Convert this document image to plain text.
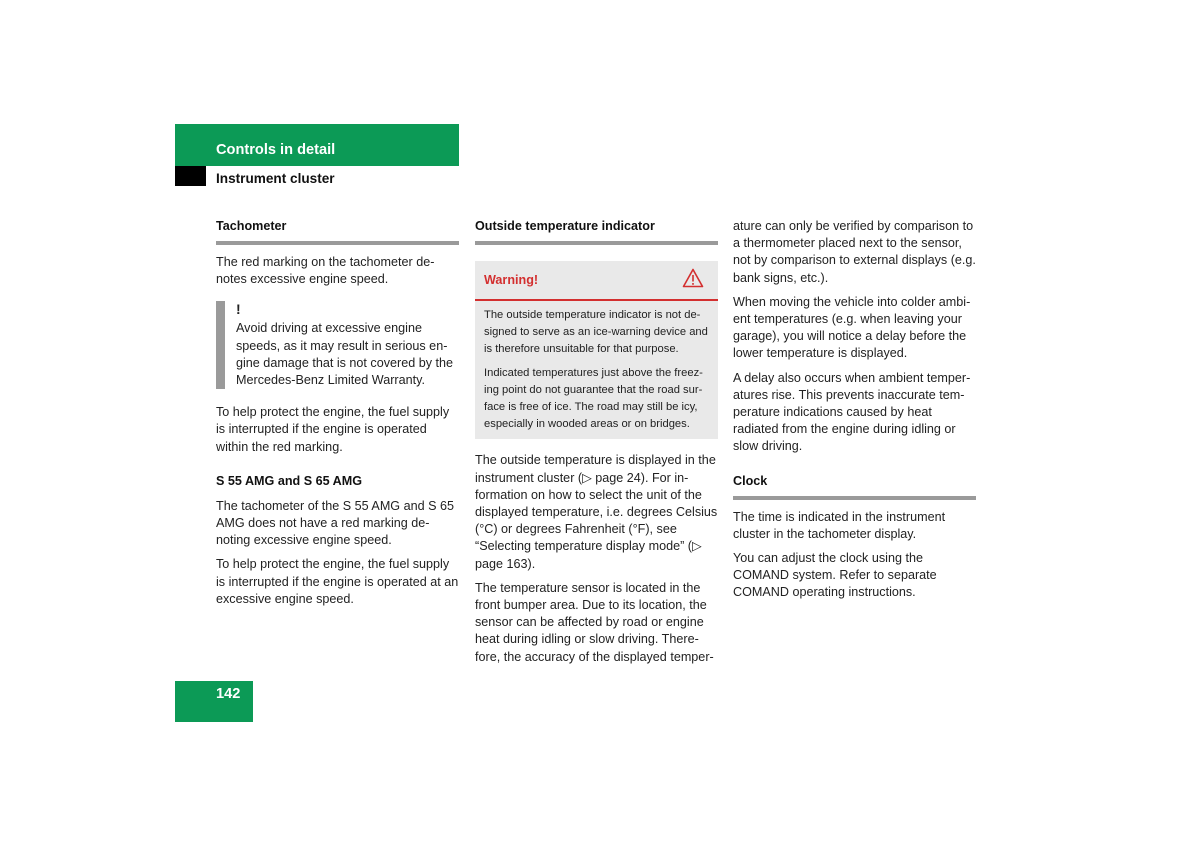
Controls in detail
Instrument cluster
Tachometer

The red marking on the tachometer de-notes excessive engine speed.

!

Avoid driving at excessive engine speeds, as it may result in serious en-gine damage that is not covered by the Mercedes-Benz Limited Warranty.

To help protect the engine, the fuel supply is interrupted if the engine is operated within the red marking.

S 55 AMG and S 65 AMG

The tachometer of the S 55 AMG and S 65 AMG does not have a red marking de-noting excessive engine speed.

To help protect the engine, the fuel supply is interrupted if the engine is operated at an excessive engine speed.

Outside temperature indicator
Warning!

The outside temperature indicator is not de-signed to serve as an ice-warning device and is therefore unsuitable for that purpose.

Indicated temperatures just above the freez-ing point do not guarantee that the road sur-face is free of ice. The road may still be icy, especially in wooded areas or on bridges.

The outside temperature is displayed in the instrument cluster (▷ page 24). For in-formation on how to select the unit of the displayed temperature, i.e. degrees Celsius (°C) or degrees Fahrenheit (°F), see “Selecting temperature display mode” (▷ page 163).

The temperature sensor is located in the front bumper area. Due to its location, the sensor can be affected by road or engine heat during idling or slow driving. There-fore, the accuracy of the displayed temper-

ature can only be verified by comparison to a thermometer placed next to the sensor, not by comparison to external displays (e.g. bank signs, etc.).

When moving the vehicle into colder ambi-ent temperatures (e.g. when leaving your garage), you will notice a delay before the lower temperature is displayed.

A delay also occurs when ambient temper-atures rise. This prevents inaccurate tem-perature indications caused by heat radiated from the engine during idling or slow driving.

Clock

The time is indicated in the instrument cluster in the tachometer display.

You can adjust the clock using the COMAND system. Refer to separate COMAND operating instructions.

142
